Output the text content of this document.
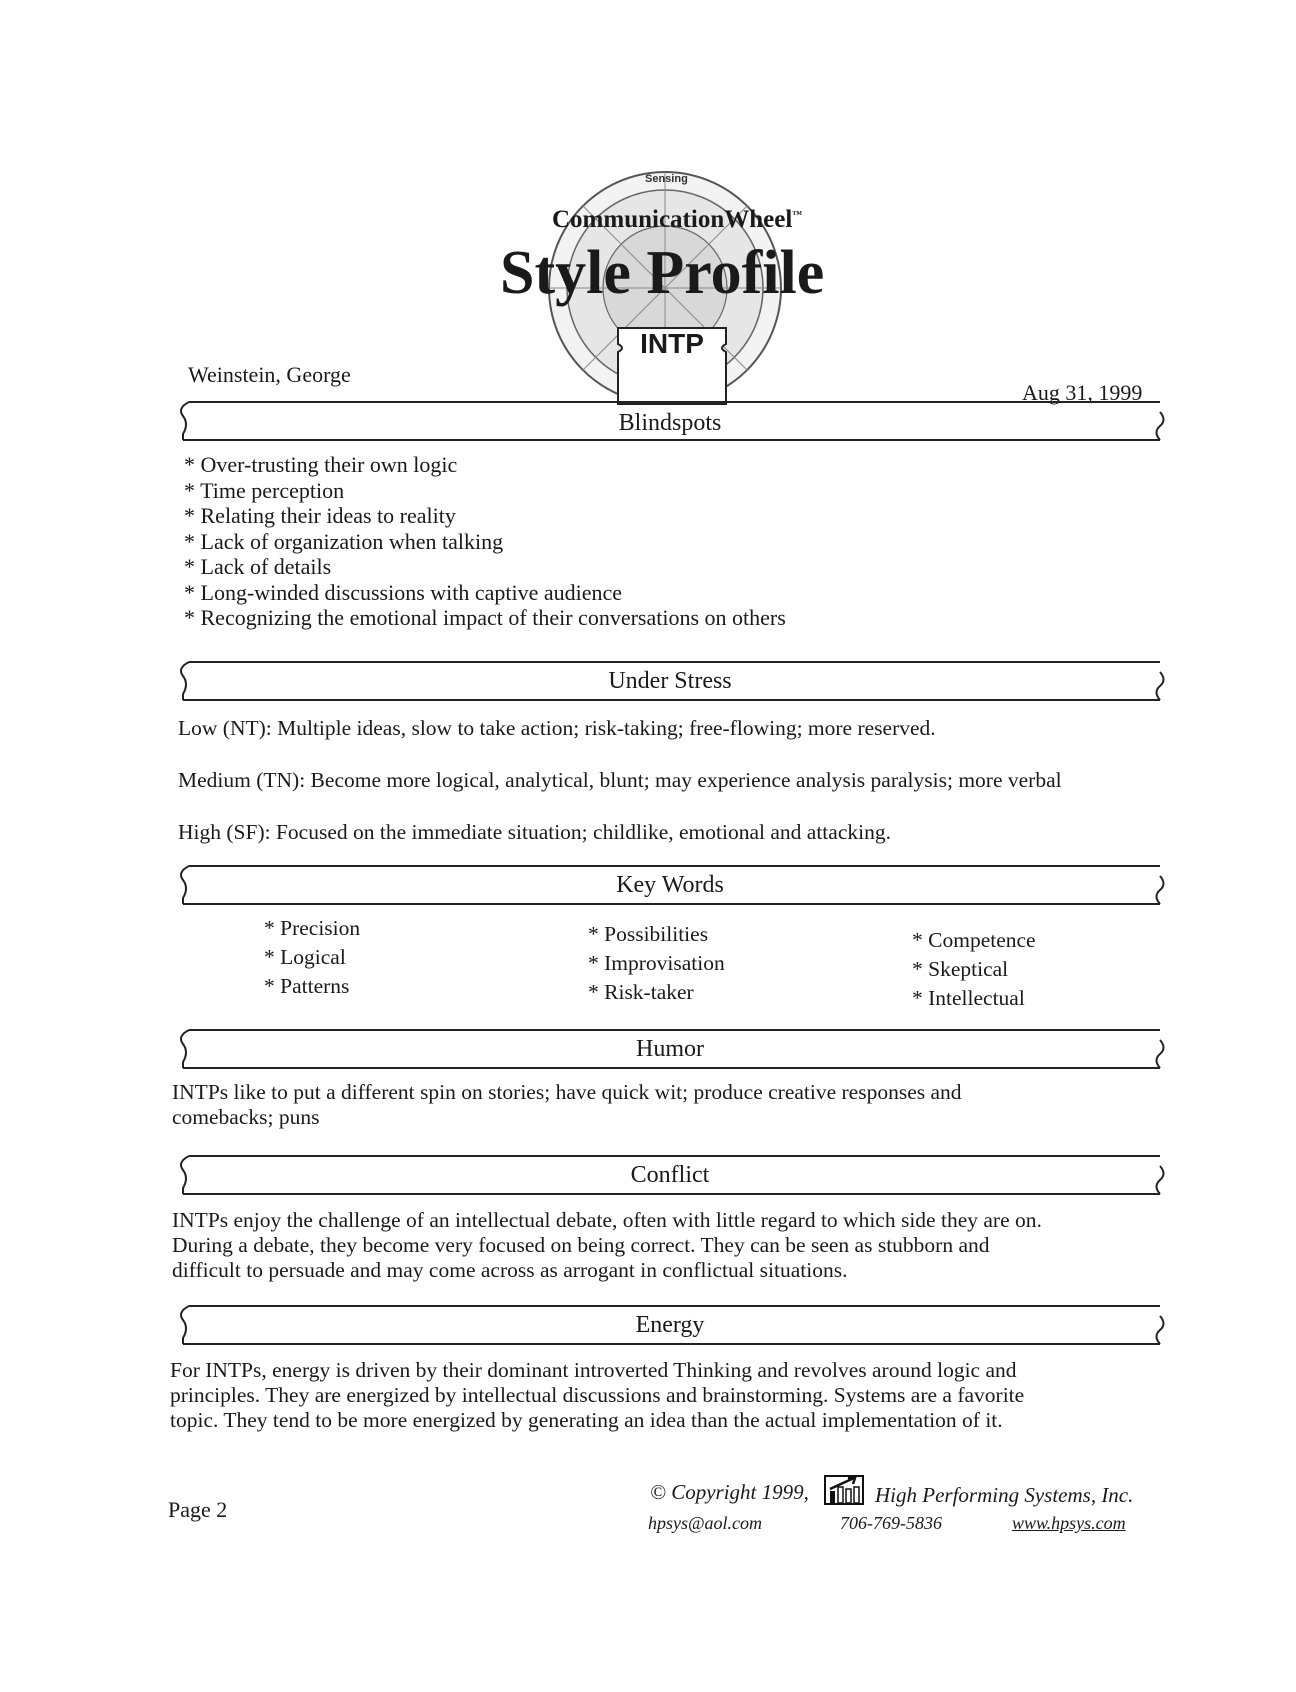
Sensing
CommunicationWheel™
Style Profile
INTP
Weinstein, George
Aug 31, 1999
Blindspots
* Over-trusting their own logic
* Time perception
* Relating their ideas to reality
* Lack of organization when talking
* Lack of details
* Long-winded discussions with captive audience
* Recognizing the emotional impact of their conversations on others
Under Stress
Low (NT): Multiple ideas, slow to take action; risk-taking; free-flowing; more reserved.
Medium (TN): Become more logical, analytical, blunt; may experience analysis paralysis; more verbal
High (SF): Focused on the immediate situation; childlike, emotional and attacking.
Key Words
* Precision
* Logical
* Patterns
* Possibilities
* Improvisation
* Risk-taker
* Competence
* Skeptical
* Intellectual
Humor
INTPs like to put a different spin on stories; have quick wit; produce creative responses and
comebacks; puns
Conflict
INTPs enjoy the challenge of an intellectual debate, often with little regard to which side they are on.
During a debate, they become very focused on being correct. They can be seen as stubborn and
difficult to persuade and may come across as arrogant in conflictual situations.
Energy
For INTPs, energy is driven by their dominant introverted Thinking and revolves around logic and
principles. They are energized by intellectual discussions and brainstorming. Systems are a favorite
topic. They tend to be more energized by generating an idea than the actual implementation of it.
Page 2
© Copyright 1999,	High Performing Systems, Inc.
hpsys@aol.com	706-769-5836	www.hpsys.com
